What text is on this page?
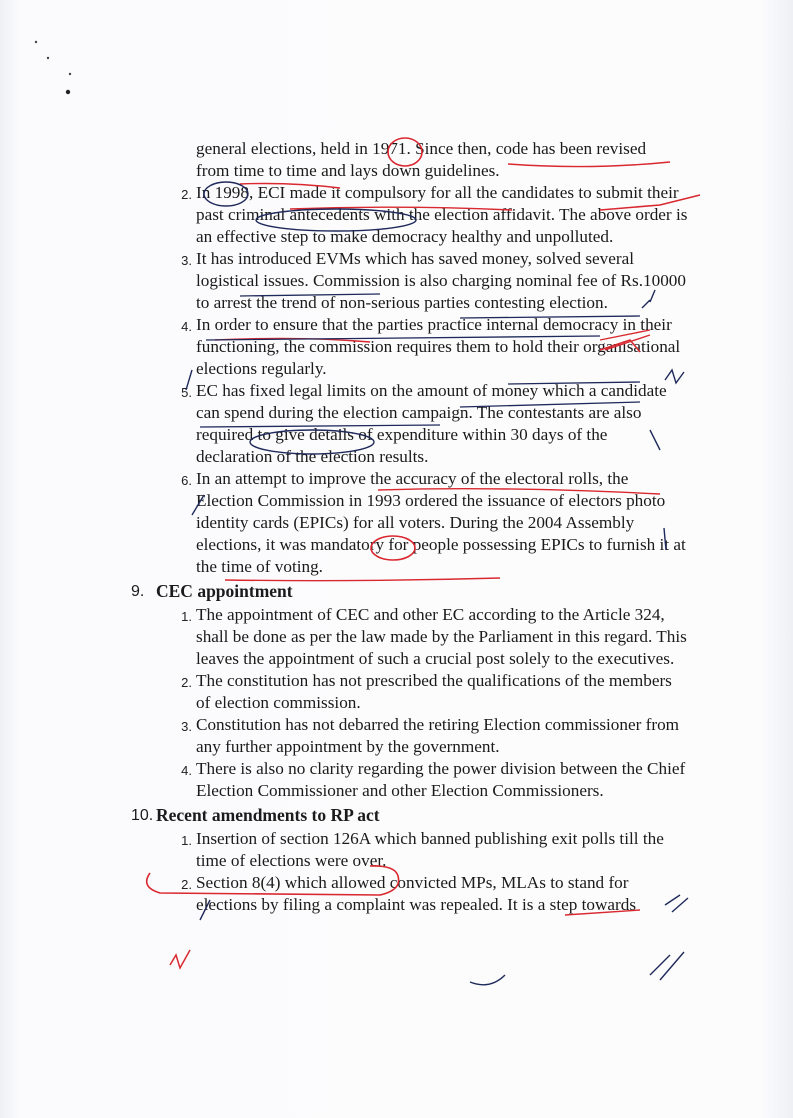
general elections, held in 1971. Since then, code has been revised
from time to time and lays down guidelines.
2. In 1998, ECI made it compulsory for all the candidates to submit their past criminal antecedents with the election affidavit. The above order is an effective step to make democracy healthy and unpolluted.
3. It has introduced EVMs which has saved money, solved several logistical issues. Commission is also charging nominal fee of Rs.10000 to arrest the trend of non-serious parties contesting election.
4. In order to ensure that the parties practice internal democracy in their functioning, the commission requires them to hold their organisational elections regularly.
5. EC has fixed legal limits on the amount of money which a candidate can spend during the election campaign. The contestants are also required to give details of expenditure within 30 days of the declaration of the election results.
6. In an attempt to improve the accuracy of the electoral rolls, the Election Commission in 1993 ordered the issuance of electors photo identity cards (EPICs) for all voters. During the 2004 Assembly elections, it was mandatory for people possessing EPICs to furnish it at the time of voting.
9. CEC appointment
1. The appointment of CEC and other EC according to the Article 324, shall be done as per the law made by the Parliament in this regard. This leaves the appointment of such a crucial post solely to the executives.
2. The constitution has not prescribed the qualifications of the members of election commission.
3. Constitution has not debarred the retiring Election commissioner from any further appointment by the government.
4. There is also no clarity regarding the power division between the Chief Election Commissioner and other Election Commissioners.
10. Recent amendments to RP act
1. Insertion of section 126A which banned publishing exit polls till the time of elections were over.
2. Section 8(4) which allowed convicted MPs, MLAs to stand for elections by filing a complaint was repealed. It is a step towards
